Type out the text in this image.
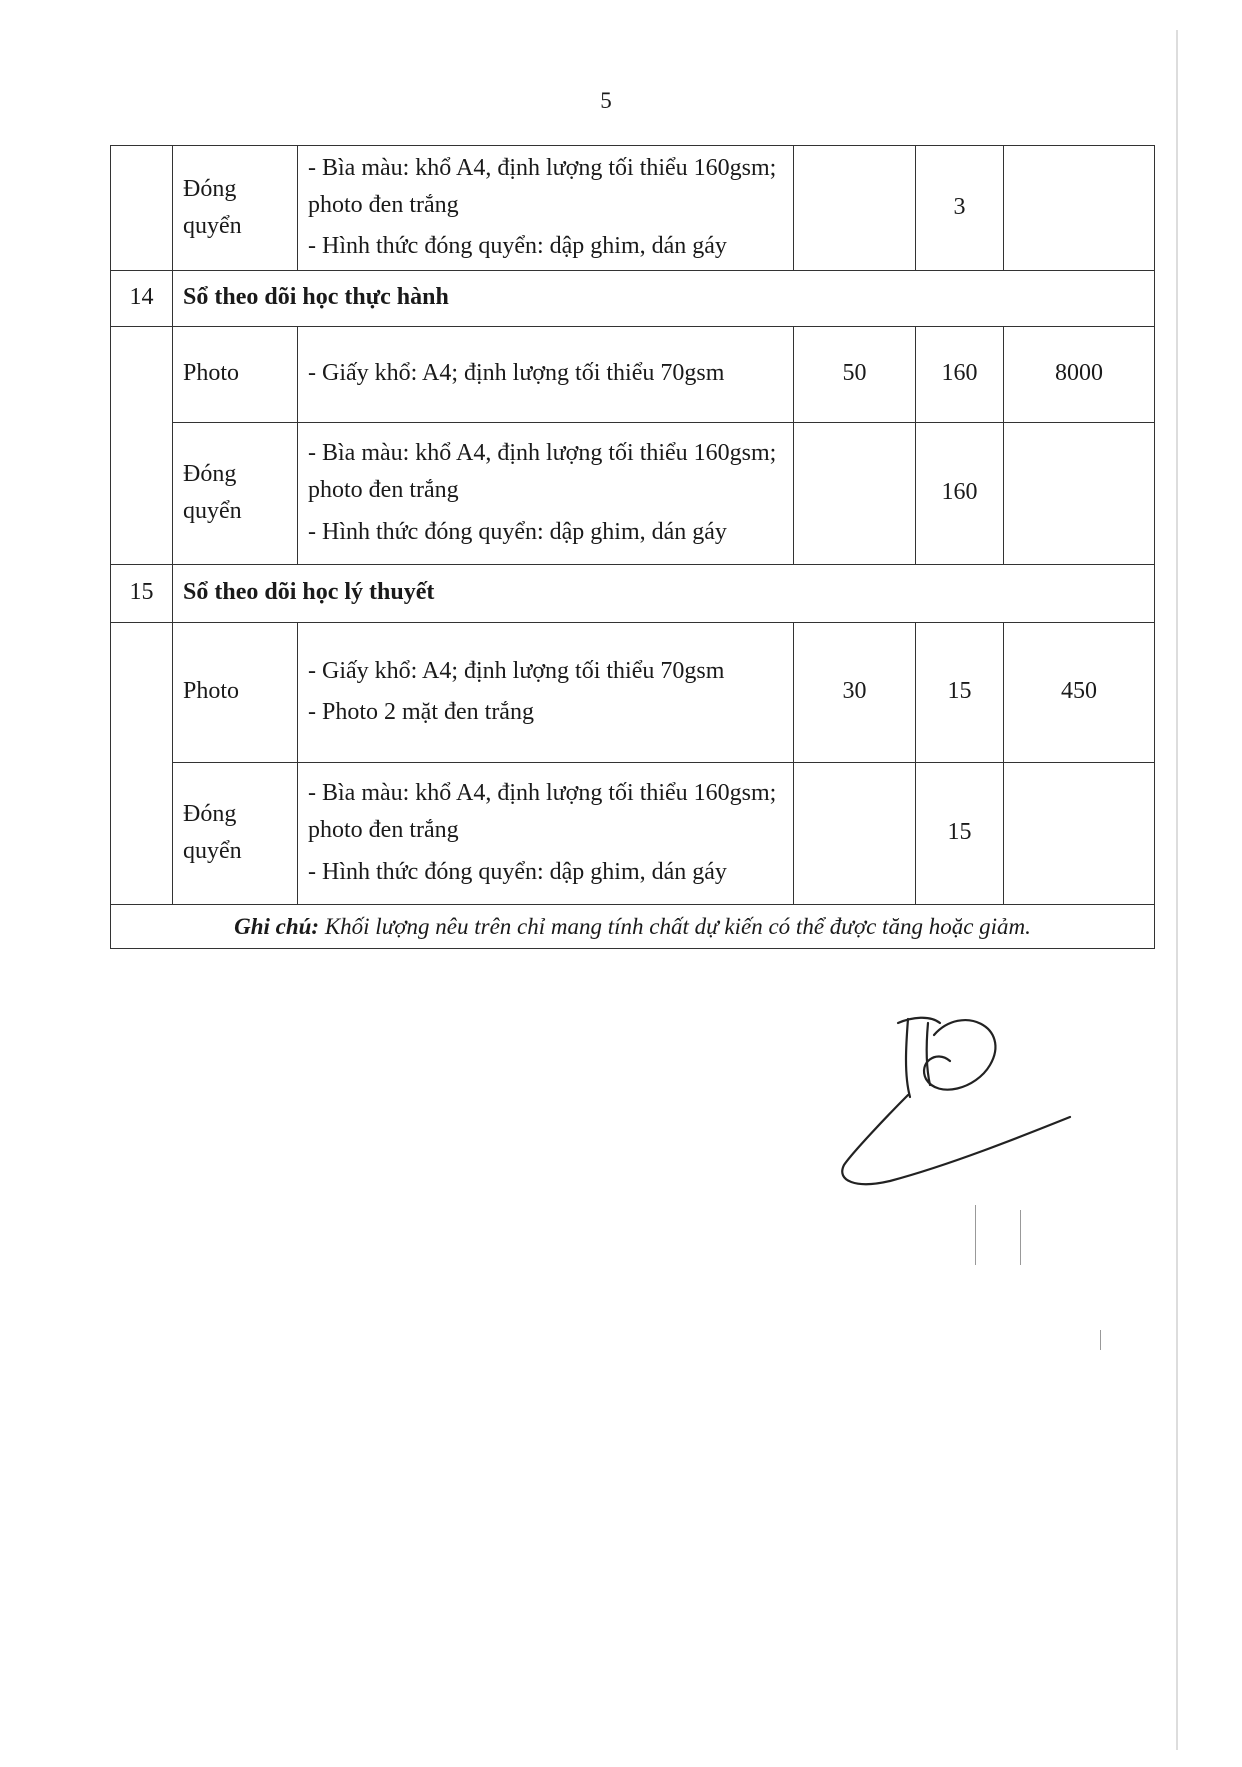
5
	Đóng quyển	- Bìa màu: khổ A4, định lượng tối thiểu 160gsm; photo đen trắng
- Hình thức đóng quyển: dập ghim, dán gáy		3	
14	Sổ theo dõi học thực hành				
	Photo	- Giấy khổ: A4; định lượng tối thiểu 70gsm	50	160	8000
	Đóng quyển	- Bìa màu: khổ A4, định lượng tối thiểu 160gsm; photo đen trắng
- Hình thức đóng quyển: dập ghim, dán gáy		160	
15	Sổ theo dõi học lý thuyết				
	Photo	- Giấy khổ: A4; định lượng tối thiểu 70gsm
- Photo 2 mặt đen trắng	30	15	450
	Đóng quyển	- Bìa màu: khổ A4, định lượng tối thiểu 160gsm; photo đen trắng
- Hình thức đóng quyển: dập ghim, dán gáy		15	
Ghi chú: Khối lượng nêu trên chỉ mang tính chất dự kiến có thể được tăng hoặc giảm.					
